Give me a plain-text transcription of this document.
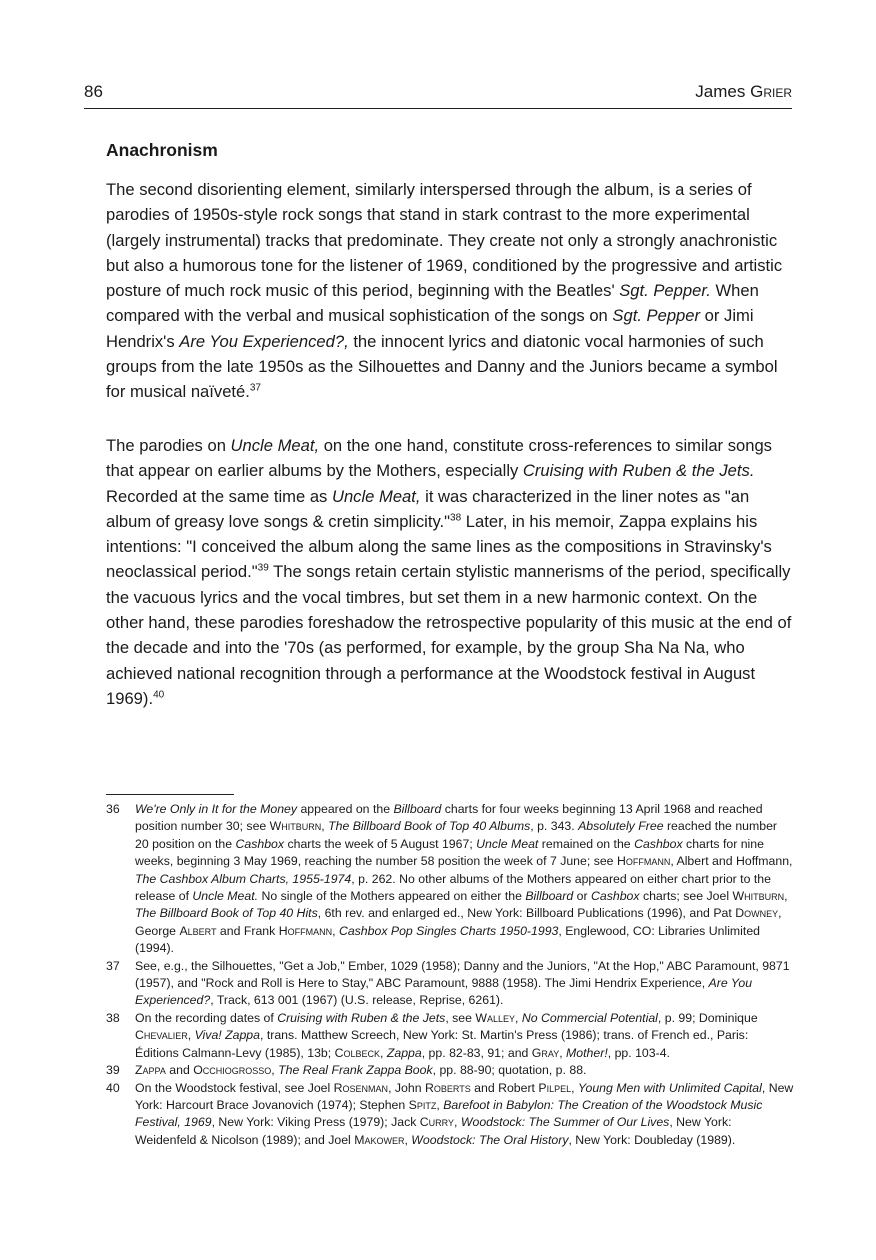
86	James Grier
Anachronism

The second disorienting element, similarly interspersed through the album, is a series of parodies of 1950s-style rock songs that stand in stark contrast to the more experimental (largely instrumental) tracks that predominate. They create not only a strongly anachronistic but also a humorous tone for the listener of 1969, conditioned by the progressive and artistic posture of much rock music of this period, beginning with the Beatles' Sgt. Pepper. When compared with the verbal and musical sophistication of the songs on Sgt. Pepper or Jimi Hendrix's Are You Experienced?, the innocent lyrics and diatonic vocal harmonies of such groups from the late 1950s as the Silhouettes and Danny and the Juniors became a symbol for musical naïveté.$^{37}$

The parodies on Uncle Meat, on the one hand, constitute cross-references to similar songs that appear on earlier albums by the Mothers, especially Cruising with Ruben & the Jets. Recorded at the same time as Uncle Meat, it was characterized in the liner notes as "an album of greasy love songs & cretin simplicity."$^{38}$ Later, in his memoir, Zappa explains his intentions: "I conceived the album along the same lines as the compositions in Stravinsky's neoclassical period."$^{39}$ The songs retain certain stylistic mannerisms of the period, specifically the vacuous lyrics and the vocal timbres, but set them in a new harmonic context. On the other hand, these parodies foreshadow the retrospective popularity of this music at the end of the decade and into the '70s (as performed, for example, by the group Sha Na Na, who achieved national recognition through a performance at the Woodstock festival in August 1969).$^{40}$

36 We're Only in It for the Money appeared on the Billboard charts for four weeks beginning 13 April 1968 and reached position number 30; see Whitburn, The Billboard Book of Top 40 Albums, p. 343. Absolutely Free reached the number 20 position on the Cashbox charts the week of 5 August 1967; Uncle Meat remained on the Cashbox charts for nine weeks, beginning 3 May 1969, reaching the number 58 position the week of 7 June; see Hoffmann, Albert and Hoffmann, The Cashbox Album Charts, 1955-1974, p. 262. No other albums of the Mothers appeared on either chart prior to the release of Uncle Meat. No single of the Mothers appeared on either the Billboard or Cashbox charts; see Joel Whitburn, The Billboard Book of Top 40 Hits, 6th rev. and enlarged ed., New York: Billboard Publications (1996), and Pat Downey, George Albert and Frank Hoffmann, Cashbox Pop Singles Charts 1950-1993, Englewood, CO: Libraries Unlimited (1994).
37 See, e.g., the Silhouettes, "Get a Job," Ember, 1029 (1958); Danny and the Juniors, "At the Hop," ABC Paramount, 9871 (1957), and "Rock and Roll is Here to Stay," ABC Paramount, 9888 (1958). The Jimi Hendrix Experience, Are You Experienced?, Track, 613 001 (1967) (U.S. release, Reprise, 6261).
38 On the recording dates of Cruising with Ruben & the Jets, see Walley, No Commercial Potential, p. 99; Dominique Chevalier, Viva! Zappa, trans. Matthew Screech, New York: St. Martin's Press (1986); trans. of French ed., Paris: Éditions Calmann-Levy (1985), 13b; Colbeck, Zappa, pp. 82-83, 91; and Gray, Mother!, pp. 103-4.
39 Zappa and Occhiogrosso, The Real Frank Zappa Book, pp. 88-90; quotation, p. 88.
40 On the Woodstock festival, see Joel Rosenman, John Roberts and Robert Pilpel, Young Men with Unlimited Capital, New York: Harcourt Brace Jovanovich (1974); Stephen Spitz, Barefoot in Babylon: The Creation of the Woodstock Music Festival, 1969, New York: Viking Press (1979); Jack Curry, Woodstock: The Summer of Our Lives, New York: Weidenfeld & Nicolson (1989); and Joel Makower, Woodstock: The Oral History, New York: Doubleday (1989).
